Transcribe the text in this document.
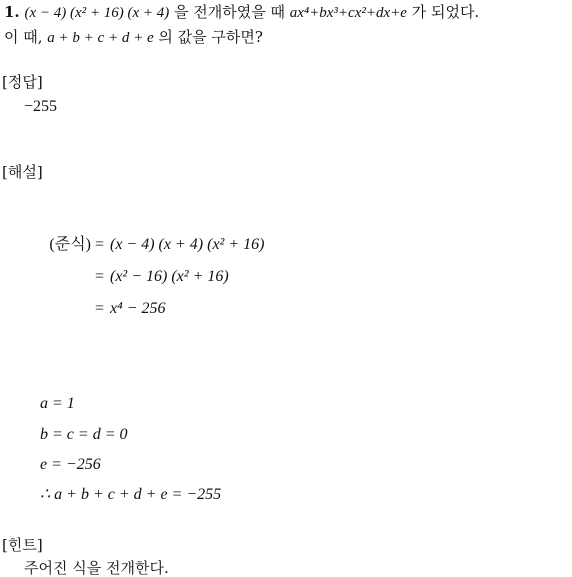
1. (x − 4) (x² + 16) (x + 4) 을 전개하였을 때 ax⁴+bx³+cx²+dx+e 가 되었다.
이 때, a + b + c + d + e 의 값을 구하면?
[정답]
−255
[해설]
(준식) = (x − 4) (x + 4) (x² + 16)
= (x² − 16) (x² + 16)
= x⁴ − 256
a = 1
b = c = d = 0
e = −256
∴ a + b + c + d + e = −255
[힌트]
주어진 식을 전개한다.
